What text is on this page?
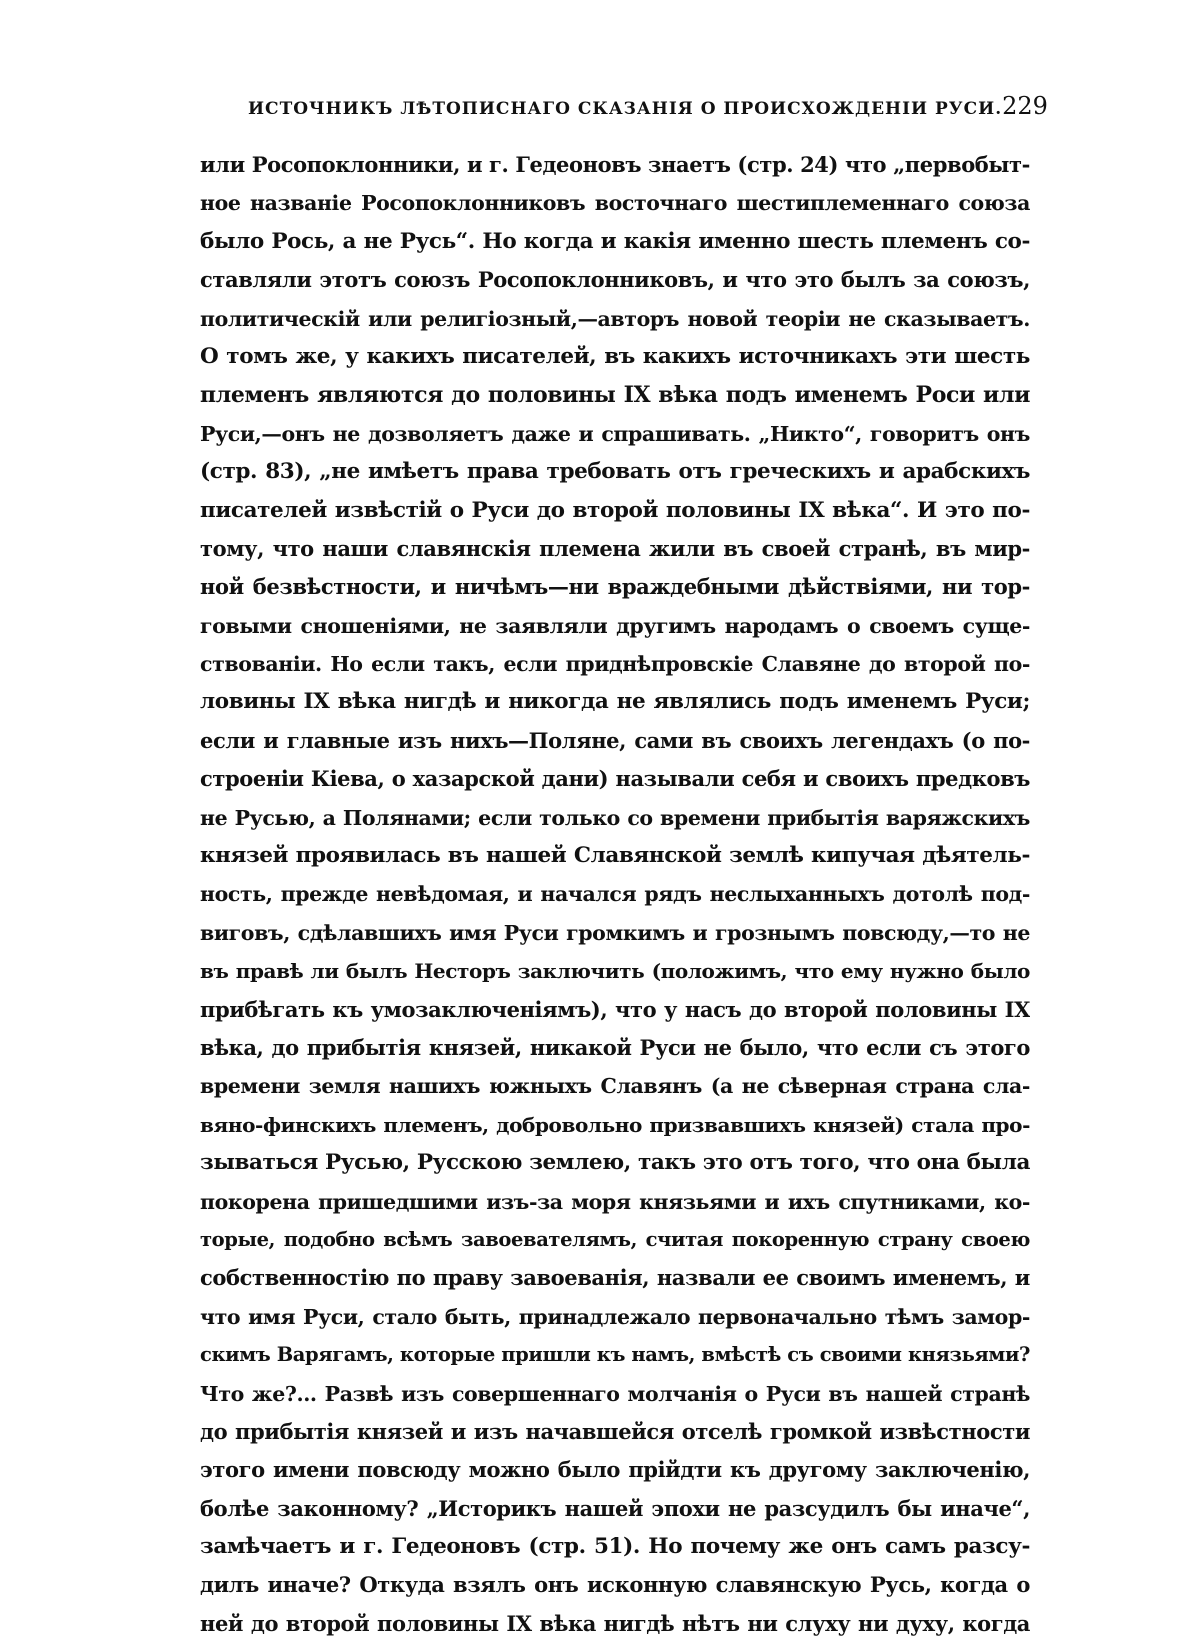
ИСТОЧНИКЪ ЛѢТОПИСНАГО СКАЗАНІЯ О ПРОИСХОЖДЕНІИ РУСИ. 229
или Росопоклонники, и г. Гедеоновъ знаетъ (стр. 24) что „первобыт-
ное названіе Росопоклонниковъ восточнаго шестиплеменнаго союза
было Рось, а не Русь“. Но когда и какія именно шесть племенъ со-
ставляли этотъ союзъ Росопоклонниковъ, и что это былъ за союзъ,
политическій или религіозный,—авторъ новой теоріи не сказываетъ.
О томъ же, у какихъ писателей, въ какихъ источникахъ эти шесть
племенъ являются до половины IX вѣка подъ именемъ Роси или
Руси,—онъ не дозволяетъ даже и спрашивать. „Никто“, говоритъ онъ
(стр. 83), „не имѣетъ права требовать отъ греческихъ и арабскихъ
писателей извѣстій о Руси до второй половины IX вѣка“. И это по-
тому, что наши славянскія племена жили въ своей странѣ, въ мир-
ной безвѣстности, и ничѣмъ—ни враждебными дѣйствіями, ни тор-
говыми сношеніями, не заявляли другимъ народамъ о своемъ суще-
ствованіи. Но если такъ, если приднѣпровскіе Славяне до второй по-
ловины IX вѣка нигдѣ и никогда не являлись подъ именемъ Руси;
если и главные изъ нихъ—Поляне, сами въ своихъ легендахъ (о по-
строеніи Кіева, о хазарской дани) называли себя и своихъ предковъ
не Русью, а Полянами; если только со времени прибытія варяжскихъ
князей проявилась въ нашей Славянской землѣ кипучая дѣятель-
ность, прежде невѣдомая, и начался рядъ неслыханныхъ дотолѣ под-
виговъ, сдѣлавшихъ имя Руси громкимъ и грознымъ повсюду,—то не
въ правѣ ли былъ Несторъ заключить (положимъ, что ему нужно было
прибѣгать къ умозаключеніямъ), что у насъ до второй половины IX
вѣка, до прибытія князей, никакой Руси не было, что если съ этого
времени земля нашихъ южныхъ Славянъ (а не сѣверная страна сла-
вяно-финскихъ племенъ, добровольно призвавшихъ князей) стала про-
зываться Русью, Русскою землею, такъ это отъ того, что она была
покорена пришедшими изъ-за моря князьями и ихъ спутниками, ко-
торые, подобно всѣмъ завоевателямъ, считая покоренную страну своею
собственностію по праву завоеванія, назвали ее своимъ именемъ, и
что имя Руси, стало быть, принадлежало первоначально тѣмъ замор-
скимъ Варягамъ, которые пришли къ намъ, вмѣстѣ съ своими князьями?
Что же?... Развѣ изъ совершеннаго молчанія о Руси въ нашей странѣ
до прибытія князей и изъ начавшейся отселѣ громкой извѣстности
этого имени повсюду можно было прійдти къ другому заключенію,
болѣе законному? „Историкъ нашей эпохи не разсудилъ бы иначе“,
замѣчаетъ и г. Гедеоновъ (стр. 51). Но почему же онъ самъ разсу-
дилъ иначе? Откуда взялъ онъ исконную славянскую Русь, когда о
ней до второй половины IX вѣка нигдѣ нѣтъ ни слуху ни духу, когда
